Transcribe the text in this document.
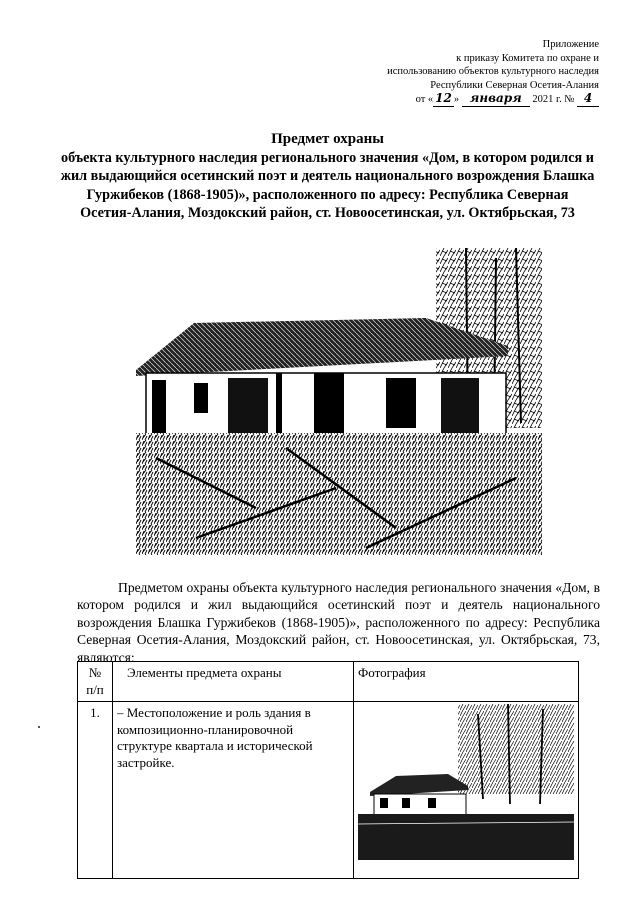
Приложение
к приказу Комитета по охране и
использованию объектов культурного наследия
Республики Северная Осетия-Алания
от « 12 » января 2021 г. № 4
Предмет охраны
объекта культурного наследия регионального значения «Дом, в котором родился и жил выдающийся осетинский поэт и деятель национального возрождения Блашка Гуржибеков (1868-1905)», расположенного по адресу: Республика Северная Осетия-Алания, Моздокский район, ст. Новоосетинская, ул. Октябрьская, 73

Предметом охраны объекта культурного наследия регионального значения «Дом, в котором родился и жил выдающийся осетинский поэт и деятель национального возрождения Блашка Гуржибеков (1868-1905)», расположенного по адресу: Республика Северная Осетия-Алания, Моздокский район, ст. Новоосетинская, ул. Октябрьская, 73, являются:

№ п/п	Элементы предмета охраны	Фотография
1.	– Местоположение и роль здания в композиционно-планировочной структуре квартала и исторической застройке.	
